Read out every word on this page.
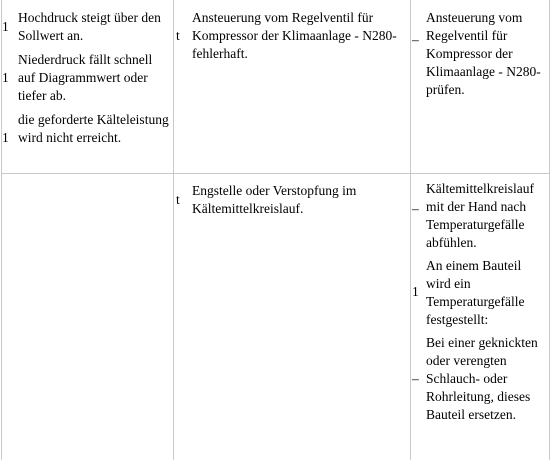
1
Hochdruck steigt über den Sollwert an.
1
Niederdruck fällt schnell auf Diagrammwert oder tiefer ab.
1
die geforderte Kälteleistung wird nicht erreicht.
t
Ansteuerung vom Regelventil für Kompressor der Klimaanlage - N280- fehlerhaft.
–
Ansteuerung vom Regelventil für Kompressor der Klimaanlage - N280- prüfen.
t
Engstelle oder Verstopfung im Kältemittelkreislauf.	–
Kältemittelkreislauf mit der Hand nach Temperaturgefälle abfühlen.
1
An einem Bauteil wird ein Temperaturgefälle festgestellt:
–
Bei einer geknickten oder verengten Schlauch- oder Rohrleitung, dieses Bauteil ersetzen.
